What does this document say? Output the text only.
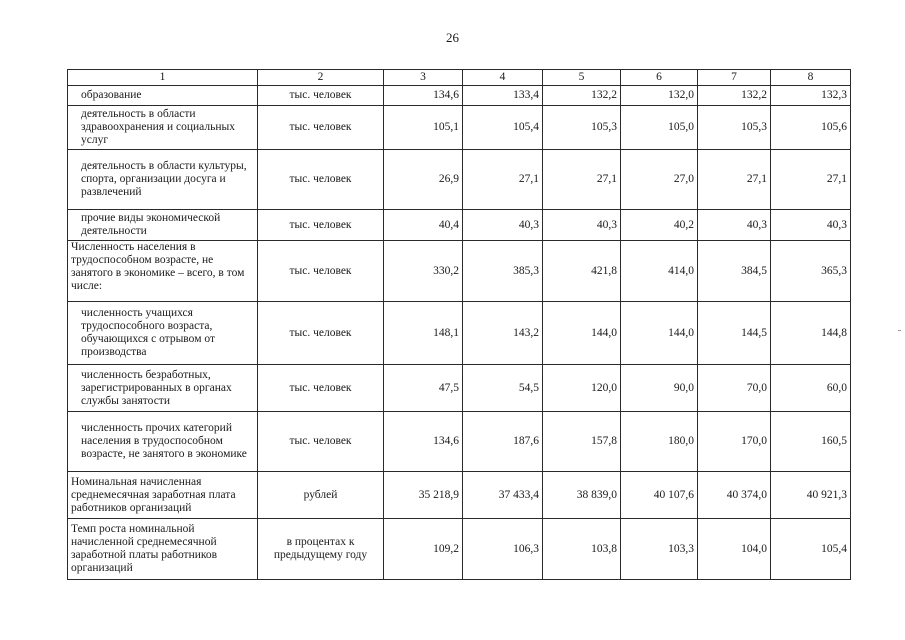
26
1	2	3	4	5	6	7	8
образование	тыс. человек	134,6	133,4	132,2	132,0	132,2	132,3
деятельность в области здравоохранения и социальных услуг	тыс. человек	105,1	105,4	105,3	105,0	105,3	105,6
деятельность в области культуры, спорта, организации досуга и развлечений	тыс. человек	26,9	27,1	27,1	27,0	27,1	27,1
прочие виды экономической деятельности	тыс. человек	40,4	40,3	40,3	40,2	40,3	40,3
Численность населения в трудоспособном возрасте, не занятого в экономике – всего, в том числе:	тыс. человек	330,2	385,3	421,8	414,0	384,5	365,3
численность учащихся трудоспособного возраста, обучающихся с отрывом от производства	тыс. человек	148,1	143,2	144,0	144,0	144,5	144,8
численность безработных, зарегистрированных в органах службы занятости	тыс. человек	47,5	54,5	120,0	90,0	70,0	60,0
численность прочих категорий населения в трудоспособном возрасте, не занятого в экономике	тыс. человек	134,6	187,6	157,8	180,0	170,0	160,5
Номинальная начисленная среднемесячная заработная плата работников организаций	рублей	35 218,9	37 433,4	38 839,0	40 107,6	40 374,0	40 921,3
Темп роста номинальной начисленной среднемесячной заработной платы работников организаций	в процентах к предыдущему году	109,2	106,3	103,8	103,3	104,0	105,4
